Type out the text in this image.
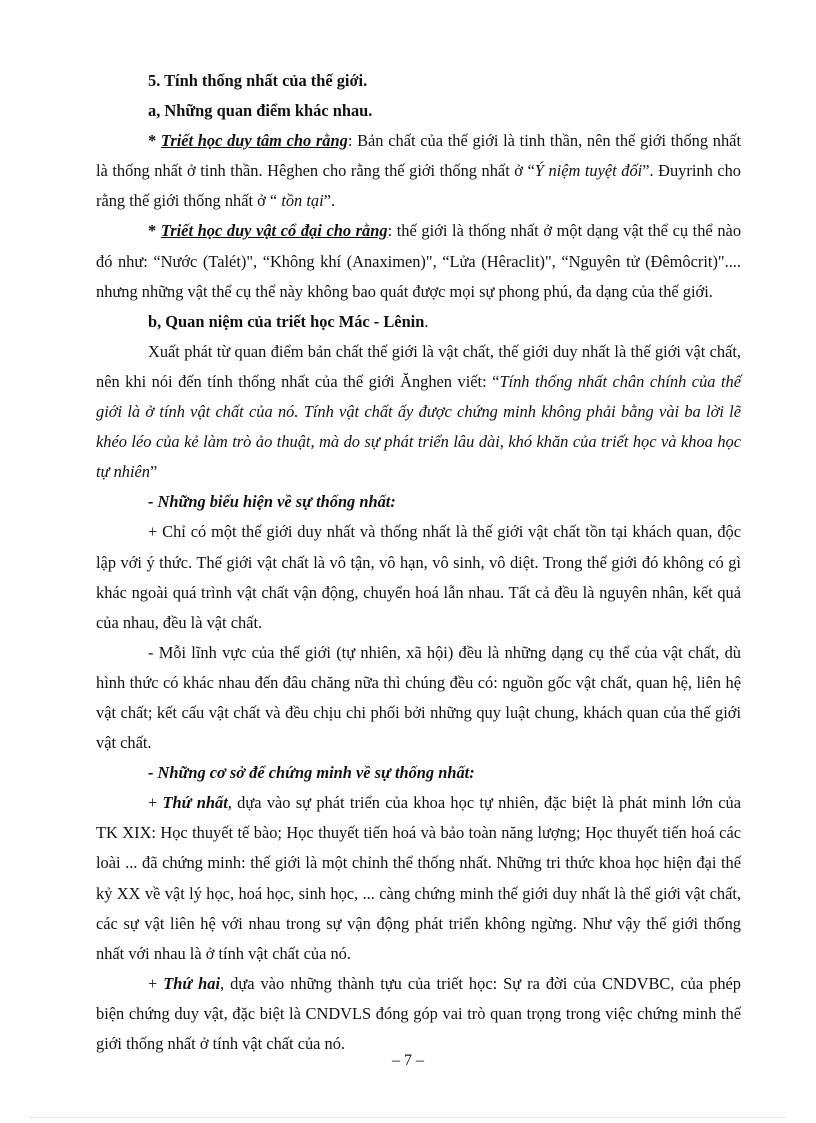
5. Tính thống nhất của thế giới.

a, Những quan điểm khác nhau.

* Triết học duy tâm cho rằng: Bản chất của thế giới là tinh thần, nên thế giới thống nhất là thống nhất ở tinh thần. Hêghen cho rằng thế giới thống nhất ở “Ý niệm tuyệt đối”. Đuyrinh cho rằng thế giới thống nhất ở “ tồn tại”.

* Triết học duy vật cổ đại cho rằng: thế giới là thống nhất ở một dạng vật thể cụ thể nào đó như: “Nước (Talét)", “Không khí (Anaximen)", “Lửa (Hêraclit)", “Nguyên tử (Đêmôcrit)".... nhưng những vật thể cụ thể này không bao quát được mọi sự phong phú, đa dạng của thế giới.

b, Quan niệm của triết học Mác - Lênin.

Xuất phát từ quan điểm bản chất thế giới là vật chất, thế giới duy nhất là thế giới vật chất, nên khi nói đến tính thống nhất của thế giới Ănghen viết: “Tính thống nhất chân chính của thế giới là ở tính vật chất của nó. Tính vật chất ấy được chứng minh không phải bằng vài ba lời lẽ khéo léo của kẻ làm trò ảo thuật, mà do sự phát triển lâu dài, khó khăn của triết học và khoa học tự nhiên”

- Những biểu hiện về sự thống nhất:

+ Chỉ có một thế giới duy nhất và thống nhất là thế giới vật chất tồn tại khách quan, độc lập với ý thức. Thế giới vật chất là vô tận, vô hạn, vô sinh, vô diệt. Trong thế giới đó không có gì khác ngoài quá trình vật chất vận động, chuyển hoá lẫn nhau. Tất cả đều là nguyên nhân, kết quả của nhau, đều là vật chất.

- Mỗi lĩnh vực của thế giới (tự nhiên, xã hội) đều là những dạng cụ thể của vật chất, dù hình thức có khác nhau đến đâu chăng nữa thì chúng đều có: nguồn gốc vật chất, quan hệ, liên hệ vật chất; kết cấu vật chất và đều chịu chi phối bởi những quy luật chung, khách quan của thế giới vật chất.

- Những cơ sở để chứng minh về sự thống nhất:

+ Thứ nhất, dựa vào sự phát triển của khoa học tự nhiên, đặc biệt là phát minh lớn của TK XIX: Học thuyết tế bào; Học thuyết tiến hoá và bảo toàn năng lượng; Học thuyết tiến hoá các loài ... đã chứng minh: thế giới là một chỉnh thể thống nhất. Những tri thức khoa học hiện đại thế kỷ XX về vật lý học, hoá học, sinh học, ... càng chứng minh thế giới duy nhất là thế giới vật chất, các sự vật liên hệ với nhau trong sự vận động phát triển không ngừng. Như vậy thế giới thống nhất với nhau là ở tính vật chất của nó.

+ Thứ hai, dựa vào những thành tựu của triết học: Sự ra đời của CNDVBC, của phép biện chứng duy vật, đặc biệt là CNDVLS đóng góp vai trò quan trọng trong việc chứng minh thế giới thống nhất ở tính vật chất của nó.

– 7 –
